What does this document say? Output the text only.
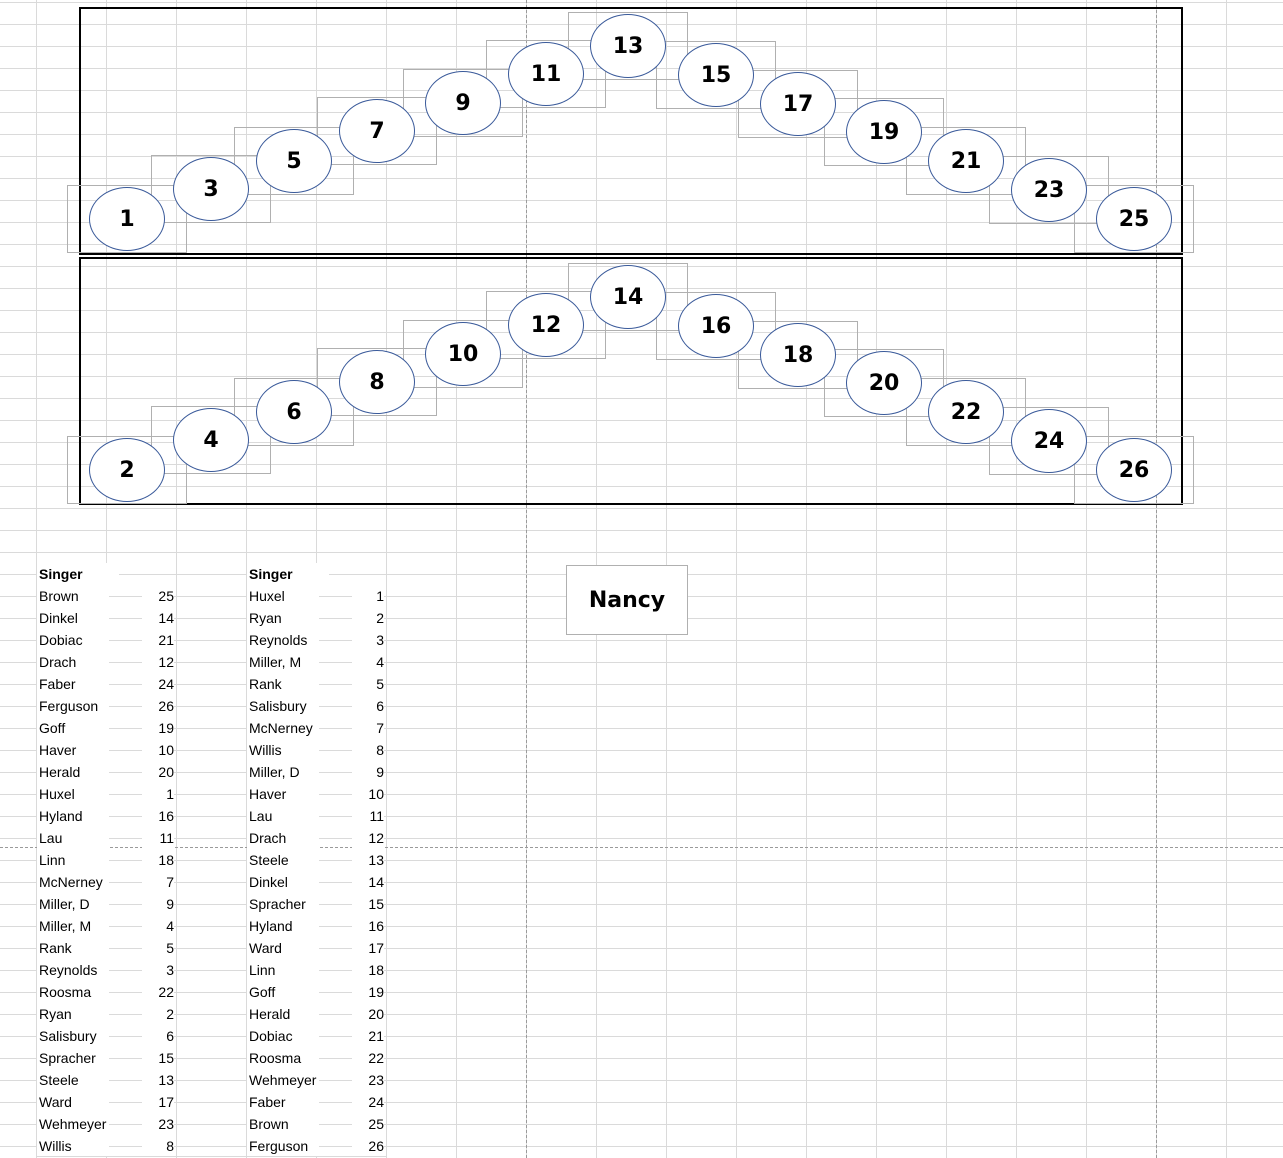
1
3
5
7
9
11
13
15
17
19
21
23
25
2
4
6
8
10
12
14
16
18
20
22
24
26
Nancy
Singer
Brown	25
Dinkel	14
Dobiac	21
Drach	12
Faber	24
Ferguson	26
Goff	19
Haver	10
Herald	20
Huxel	1
Hyland	16
Lau	11
Linn	18
McNerney	7
Miller, D	9
Miller, M	4
Rank	5
Reynolds	3
Roosma	22
Ryan	2
Salisbury	6
Spracher	15
Steele	13
Ward	17
Wehmeyer	23
Willis	8
Singer
Huxel	1
Ryan	2
Reynolds	3
Miller, M	4
Rank	5
Salisbury	6
McNerney	7
Willis	8
Miller, D	9
Haver	10
Lau	11
Drach	12
Steele	13
Dinkel	14
Spracher	15
Hyland	16
Ward	17
Linn	18
Goff	19
Herald	20
Dobiac	21
Roosma	22
Wehmeyer	23
Faber	24
Brown	25
Ferguson	26
